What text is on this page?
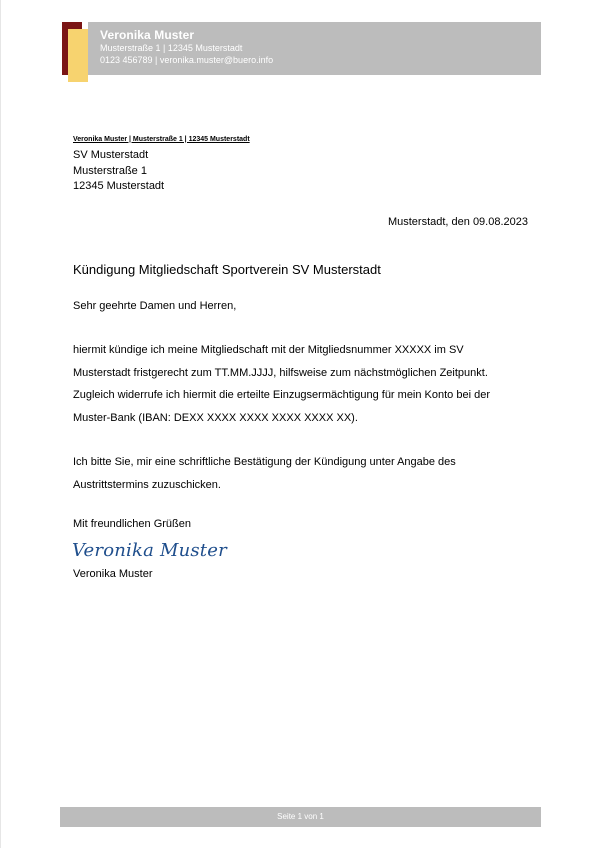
Veronika Muster
Musterstraße 1 | 12345 Musterstadt
0123 456789 | veronika.muster@buero.info
Veronika Muster | Musterstraße 1 | 12345 Musterstadt
SV Musterstadt
Musterstraße 1
12345 Musterstadt
Musterstadt, den 09.08.2023
Kündigung Mitgliedschaft Sportverein SV Musterstadt
Sehr geehrte Damen und Herren,
hiermit kündige ich meine Mitgliedschaft mit der Mitgliedsnummer XXXXX im SV
Musterstadt fristgerecht zum TT.MM.JJJJ, hilfsweise zum nächstmöglichen Zeitpunkt.
Zugleich widerrufe ich hiermit die erteilte Einzugsermächtigung für mein Konto bei der
Muster-Bank (IBAN: DEXX XXXX XXXX XXXX XXXX XX).
Ich bitte Sie, mir eine schriftliche Bestätigung der Kündigung unter Angabe des
Austrittstermins zuzuschicken.
Mit freundlichen Grüßen
Veronika Muster
Veronika Muster
Seite 1 von 1
